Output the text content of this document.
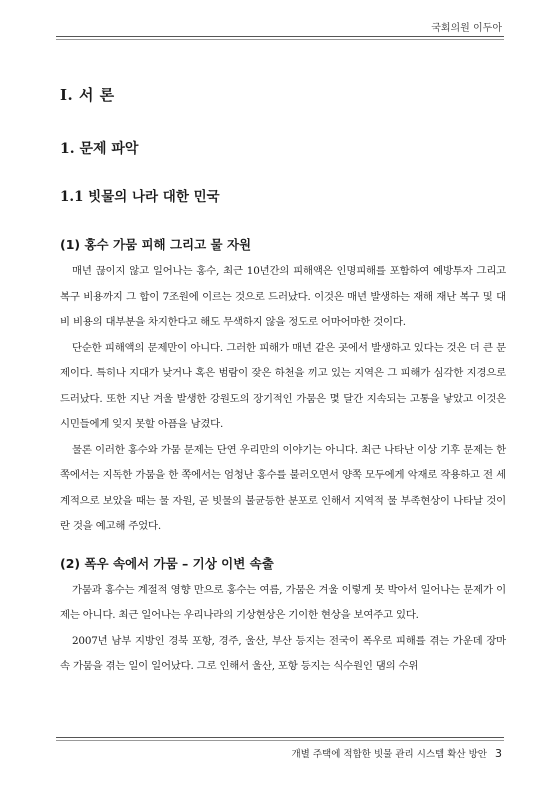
국회의원 이두아
I. 서 론
1. 문제 파악
1.1 빗물의 나라 대한 민국
(1) 홍수 가뭄 피해 그리고 물 자원

매년 끊이지 않고 일어나는 홍수, 최근 10년간의 피해액은 인명피해를 포함하여 예방투자 그리고 복구 비용까지 그 합이 7조원에 이르는 것으로 드러났다. 이것은 매년 발생하는 재해 재난 복구 및 대비 비용의 대부분을 차지한다고 해도 무색하지 않을 정도로 어마어마한 것이다.

단순한 피해액의 문제만이 아니다. 그러한 피해가 매년 같은 곳에서 발생하고 있다는 것은 더 큰 문제이다. 특히나 지대가 낮거나 혹은 범람이 잦은 하천을 끼고 있는 지역은 그 피해가 심각한 지경으로 드러났다. 또한 지난 겨울 발생한 강원도의 장기적인 가뭄은 몇 달간 지속되는 고통을 낳았고 이것은 시민들에게 잊지 못할 아픔을 남겼다.

물론 이러한 홍수와 가뭄 문제는 단연 우리만의 이야기는 아니다. 최근 나타난 이상 기후 문제는 한쪽에서는 지독한 가뭄을 한 쪽에서는 엄청난 홍수를 불러오면서 양쪽 모두에게 악재로 작용하고 전 세계적으로 보았을 때는 물 자원, 곧 빗물의 불균등한 분포로 인해서 지역적 물 부족현상이 나타날 것이란 것을 예고해 주었다.

(2) 폭우 속에서 가뭄 – 기상 이변 속출

가뭄과 홍수는 계절적 영향 만으로 홍수는 여름, 가뭄은 겨울 이렇게 못 박아서 일어나는 문제가 이제는 아니다. 최근 일어나는 우리나라의 기상현상은 기이한 현상을 보여주고 있다.

2007년 남부 지방인 경북 포항, 경주, 울산, 부산 등지는 전국이 폭우로 피해를 겪는 가운데 장마 속 가뭄을 겪는 일이 일어났다. 그로 인해서 울산, 포항 등지는 식수원인 댐의 수위

개별 주택에 적합한 빗물 관리 시스템 확산 방안 3
